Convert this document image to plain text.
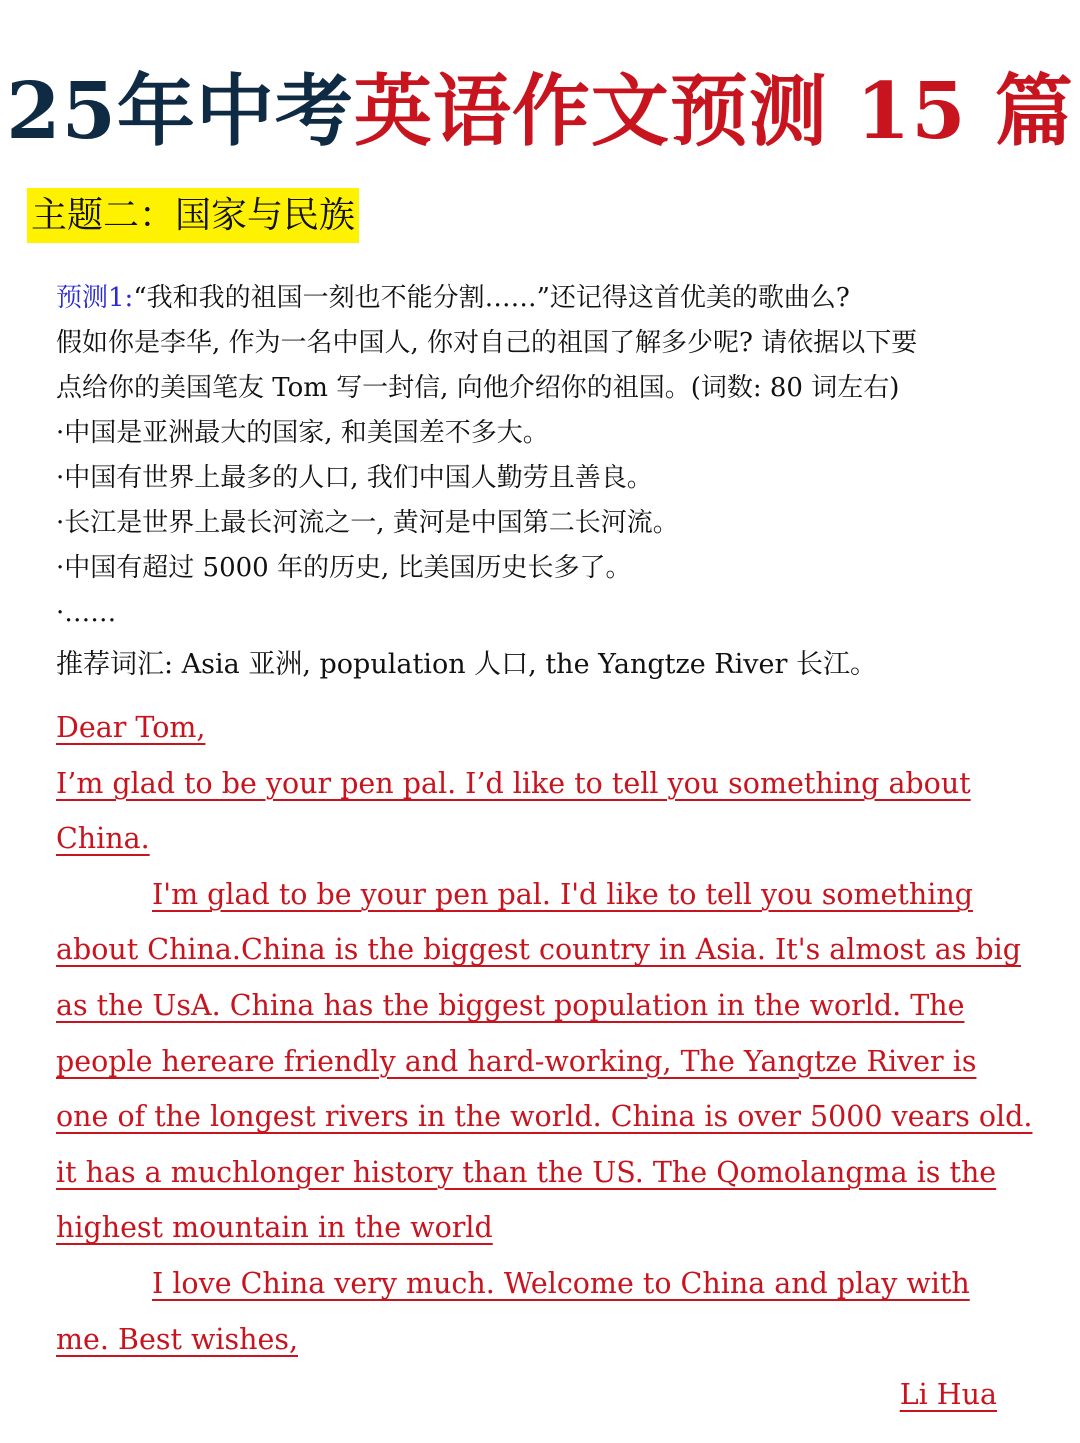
25年中考英语作文预测 15 篇
主题二：国家与民族
预测1:“我和我的祖国一刻也不能分割……”还记得这首优美的歌曲么?
假如你是李华, 作为一名中国人, 你对自己的祖国了解多少呢? 请依据以下要
点给你的美国笔友 Tom 写一封信, 向他介绍你的祖国。(词数: 80 词左右)
·中国是亚洲最大的国家, 和美国差不多大。
·中国有世界上最多的人口, 我们中国人勤劳且善良。
·长江是世界上最长河流之一, 黄河是中国第二长河流。
·中国有超过 5000 年的历史, 比美国历史长多了。
·……
推荐词汇: Asia 亚洲, population 人口, the Yangtze River 长江。
Dear Tom,
I’m glad to be your pen pal. I’d like to tell you something about
China.
I'm glad to be your pen pal. I'd like to tell you something
about China.China is the biggest country in Asia. It's almost as big
as the UsA. China has the biggest population in the world. The
people hereare friendly and hard-working, The Yangtze River is
one of the longest rivers in the world. China is over 5000 vears old.
it has a muchlonger history than the US. The Qomolangma is the
highest mountain in the world
I love China very much. Welcome to China and play with
me. Best wishes,
Li Hua
